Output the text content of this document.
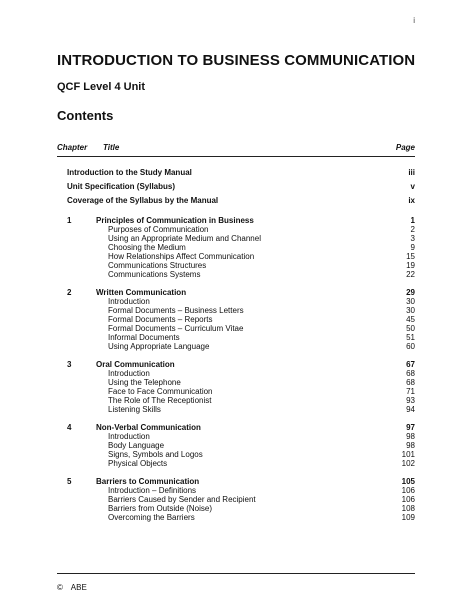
i
INTRODUCTION TO BUSINESS COMMUNICATION
QCF Level 4 Unit
Contents
Chapter Title	Page
Introduction to the Study Manual	iii
Unit Specification (Syllabus)	v
Coverage of the Syllabus by the Manual	ix
1	Principles of Communication in Business	1
Purposes of Communication	2
Using an Appropriate Medium and Channel	3
Choosing the Medium	9
How Relationships Affect Communication	15
Communications Structures	19
Communications Systems	22
2	Written Communication	29
Introduction	30
Formal Documents – Business Letters	30
Formal Documents – Reports	45
Formal Documents – Curriculum Vitae	50
Informal Documents	51
Using Appropriate Language	60
3	Oral Communication	67
Introduction	68
Using the Telephone	68
Face to Face Communication	71
The Role of The Receptionist	93
Listening Skills	94
4	Non-Verbal Communication	97
Introduction	98
Body Language	98
Signs, Symbols and Logos	101
Physical Objects	102
5	Barriers to Communication	105
Introduction – Definitions	106
Barriers Caused by Sender and Recipient	106
Barriers from Outside (Noise)	108
Overcoming the Barriers	109
© ABE
